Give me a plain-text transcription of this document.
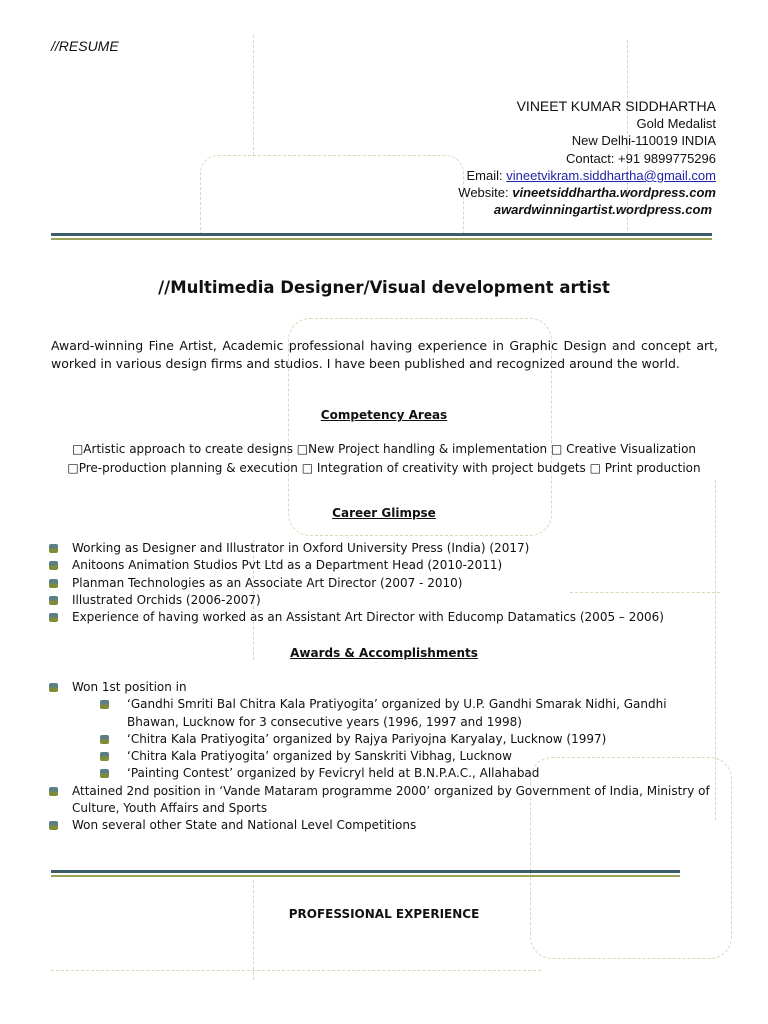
//RESUME
VINEET KUMAR SIDDHARTHA
Gold Medalist
New Delhi-110019 INDIA
Contact: +91 9899775296
Email: vineetvikram.siddhartha@gmail.com
Website: vineetsiddhartha.wordpress.com
awardwinningartist.wordpress.com
//Multimedia Designer/Visual development artist
Award-winning Fine Artist, Academic professional having experience in Graphic Design and concept art, worked in various design firms and studios. I have been published and recognized around the world.
Competency Areas
□Artistic approach to create designs □New Project handling & implementation □ Creative Visualization
□Pre-production planning & execution □ Integration of creativity with project budgets □ Print production
Career Glimpse
Working as Designer and Illustrator in Oxford University Press (India) (2017)
Anitoons Animation Studios Pvt Ltd as a Department Head (2010-2011)
Planman Technologies as an Associate Art Director (2007 - 2010)
Illustrated Orchids (2006-2007)
Experience of having worked as an Assistant Art Director with Educomp Datamatics (2005 – 2006)
Awards & Accomplishments
Won 1st position in
‘Gandhi Smriti Bal Chitra Kala Pratiyogita’ organized by U.P. Gandhi Smarak Nidhi, Gandhi Bhawan, Lucknow for 3 consecutive years (1996, 1997 and 1998)
‘Chitra Kala Pratiyogita’ organized by Rajya Pariyojna Karyalay, Lucknow (1997)
‘Chitra Kala Pratiyogita’ organized by Sanskriti Vibhag, Lucknow
‘Painting Contest’ organized by Fevicryl held at B.N.P.A.C., Allahabad
Attained 2nd position in ‘Vande Mataram programme 2000’ organized by Government of India, Ministry of Culture, Youth Affairs and Sports
Won several other State and National Level Competitions
PROFESSIONAL EXPERIENCE
